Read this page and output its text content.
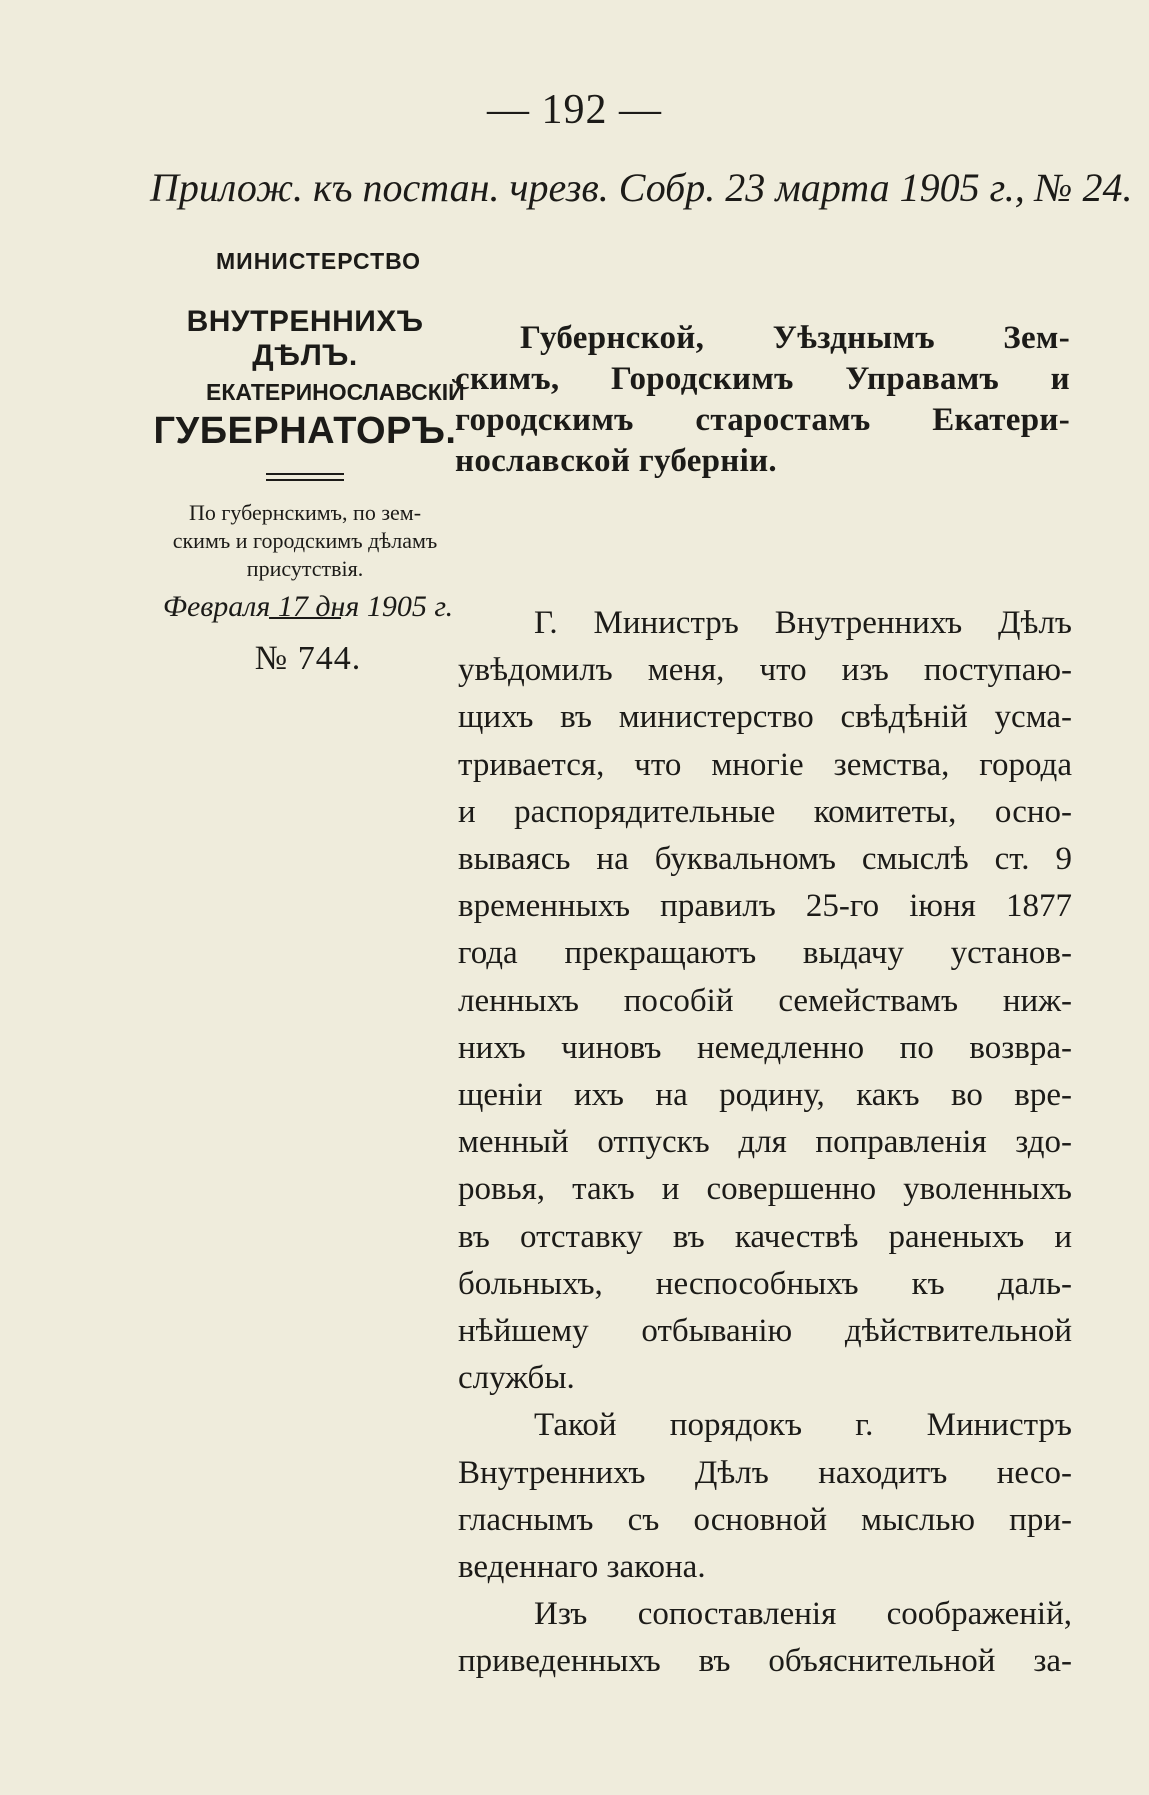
— 192 —
Прилож. къ постан. чрезв. Собр. 23 марта 1905 г., № 24.
МИНИСТЕРСТВО
ВНУТРЕННИХЪ ДѢЛЪ.
ЕКАТЕРИНОСЛАВСКІЙ
ГУБЕРНАТОРЪ.
По губернскимъ, по зем-
скимъ и городскимъ дѣламъ
присутствія.
Февраля 17 дня 1905 г.
№ 744.
Губернской, Уѣзднымъ Зем-
скимъ, Городскимъ Управамъ и
городскимъ старостамъ Екатери-
нославской губерніи.
Г. Министръ Внутреннихъ Дѣлъ
увѣдомилъ меня, что изъ поступаю-
щихъ въ министерство свѣдѣній усма-
тривается, что многіе земства, города
и распорядительные комитеты, осно-
вываясь на буквальномъ смыслѣ ст. 9
временныхъ правилъ 25-го іюня 1877
года прекращаютъ выдачу установ-
ленныхъ пособій семействамъ ниж-
нихъ чиновъ немедленно по возвра-
щеніи ихъ на родину, какъ во вре-
менный отпускъ для поправленія здо-
ровья, такъ и совершенно уволенныхъ
въ отставку въ качествѣ раненыхъ и
больныхъ, неспособныхъ къ даль-
нѣйшему отбыванію дѣйствительной
службы.
Такой порядокъ г. Министръ
Внутреннихъ Дѣлъ находитъ несо-
гласнымъ съ основной мыслью при-
веденнаго закона.
Изъ сопоставленія соображеній,
приведенныхъ въ объяснительной за-
